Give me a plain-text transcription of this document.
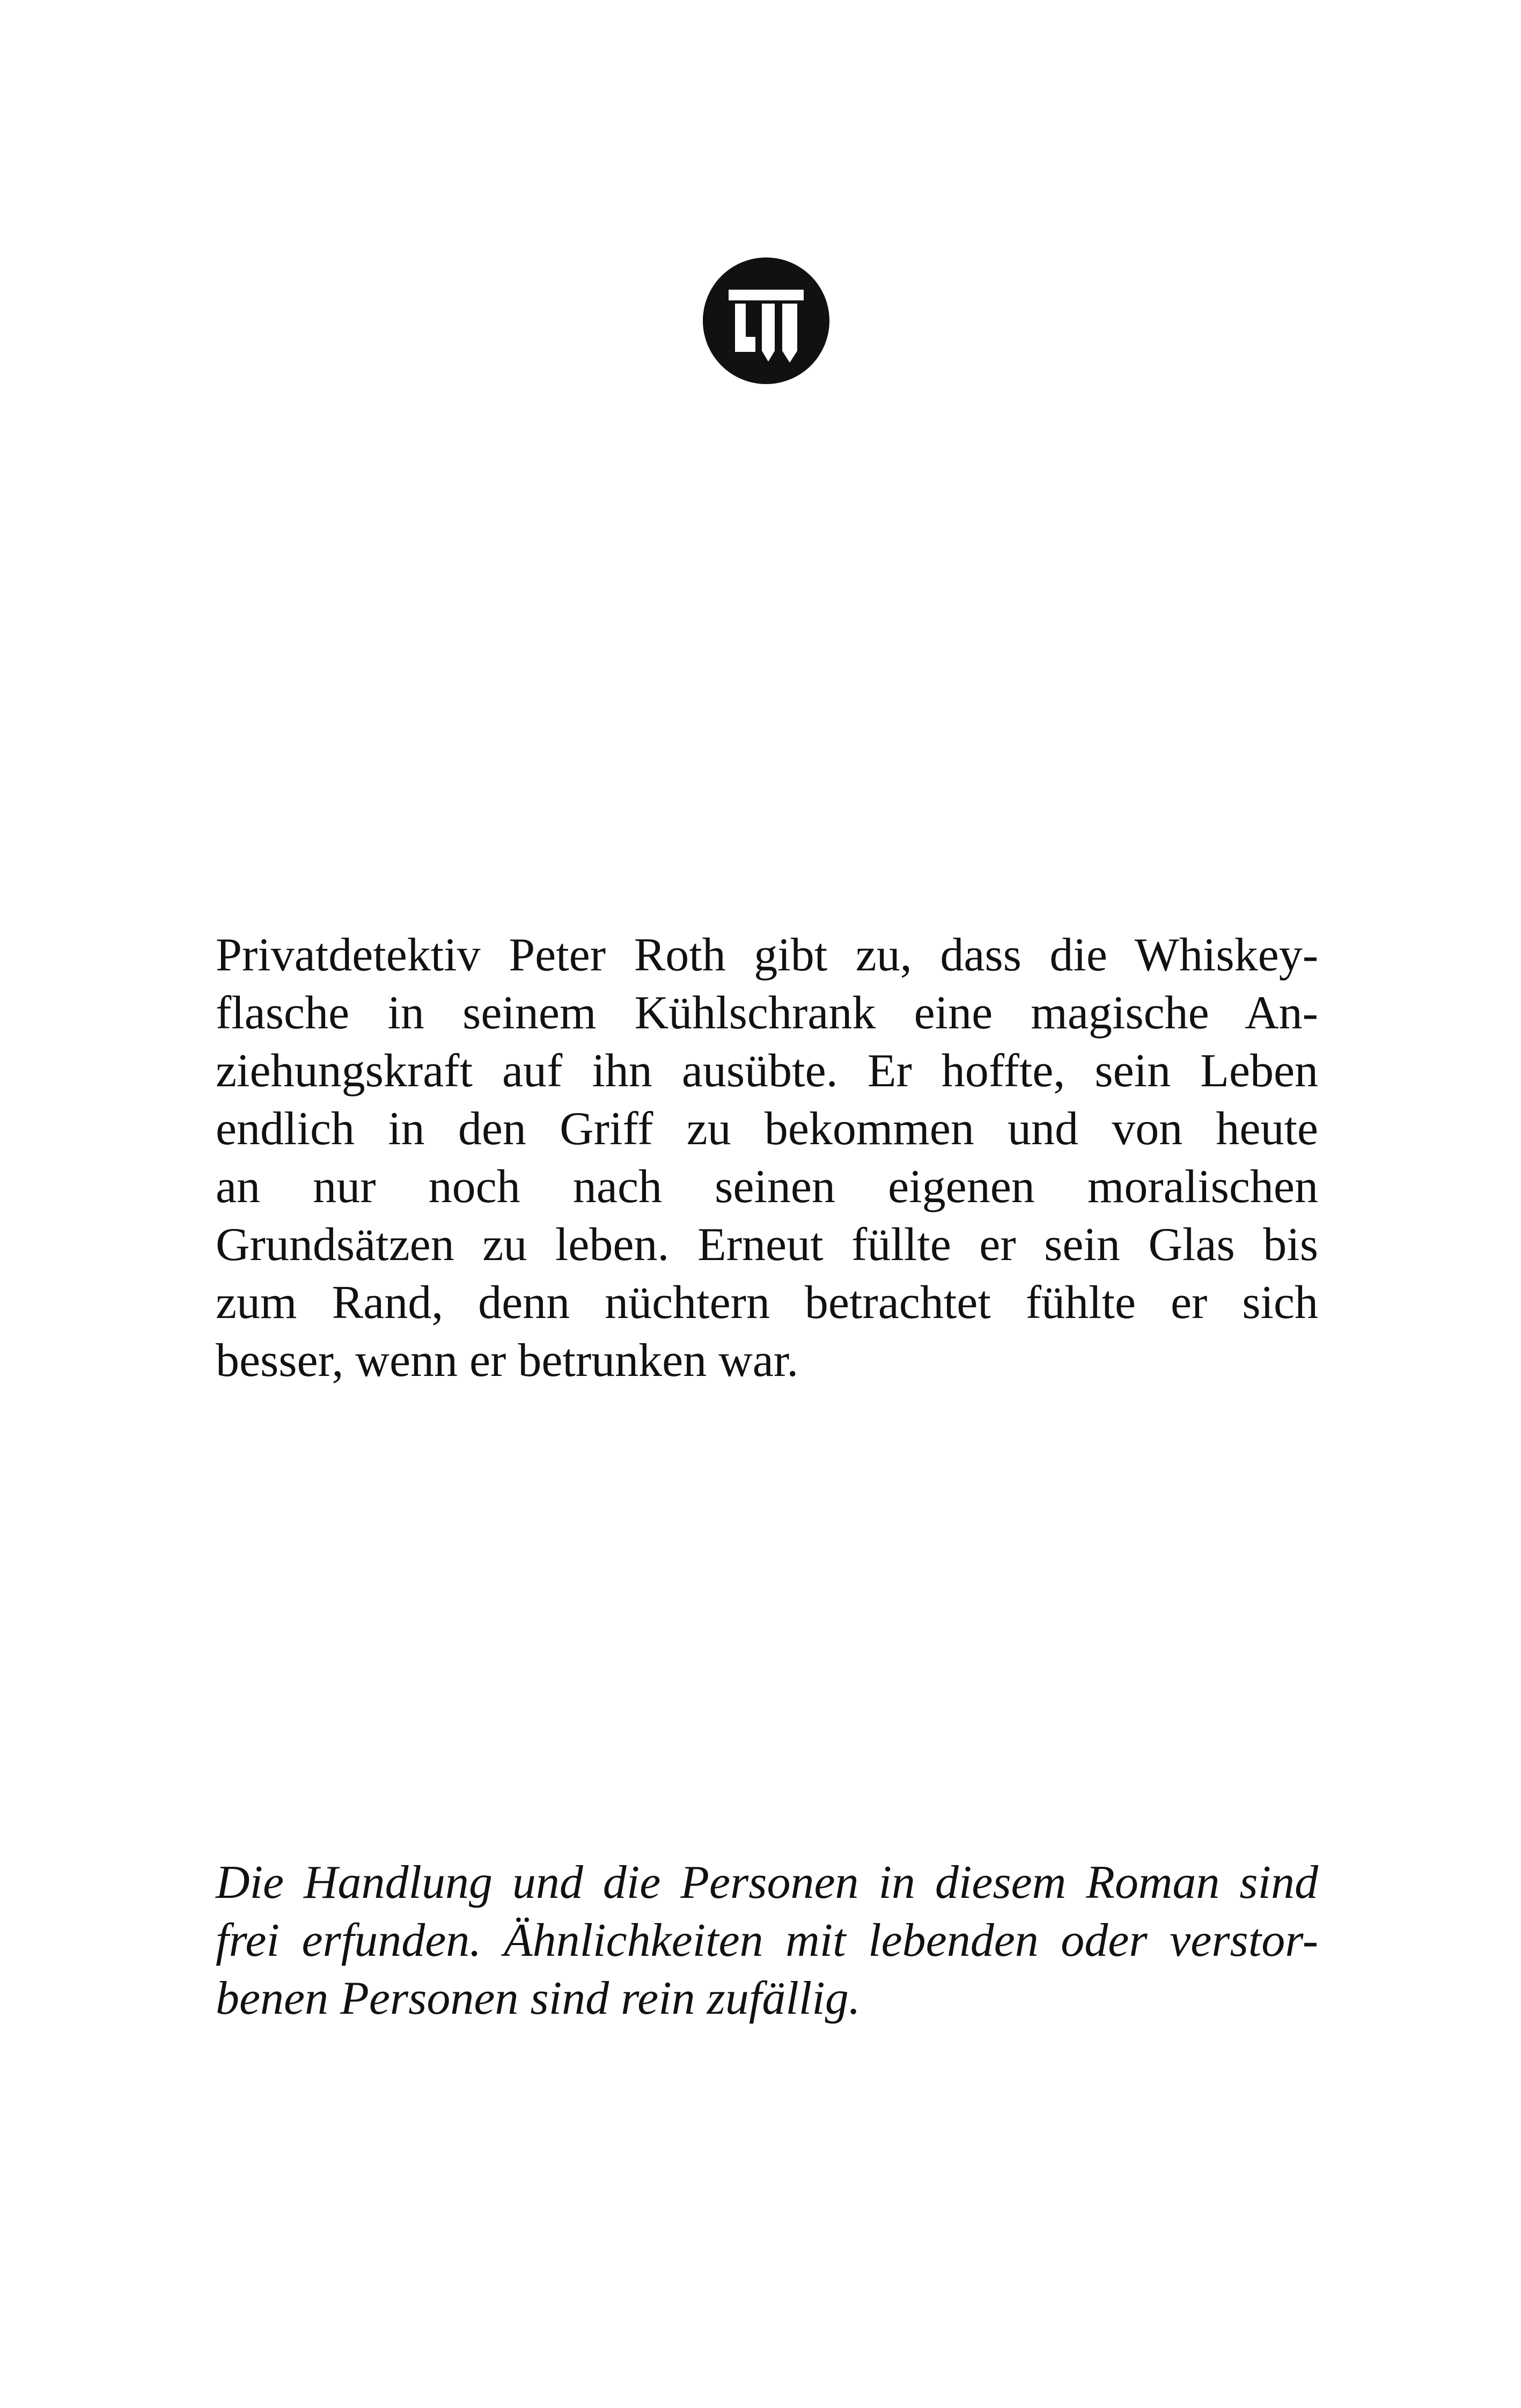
Privatdetektiv Peter Roth gibt zu, dass die Whiskey-
flasche in seinem Kühlschrank eine magische An-
ziehungskraft auf ihn ausübte. Er hoffte, sein Leben
endlich in den Griff zu bekommen und von heute
an nur noch nach seinen eigenen moralischen
Grundsätzen zu leben. Erneut füllte er sein Glas bis
zum Rand, denn nüchtern betrachtet fühlte er sich
besser, wenn er betrunken war.
Die Handlung und die Personen in diesem Roman sind
frei erfunden. Ähnlichkeiten mit lebenden oder verstor-
benen Personen sind rein zufällig.
